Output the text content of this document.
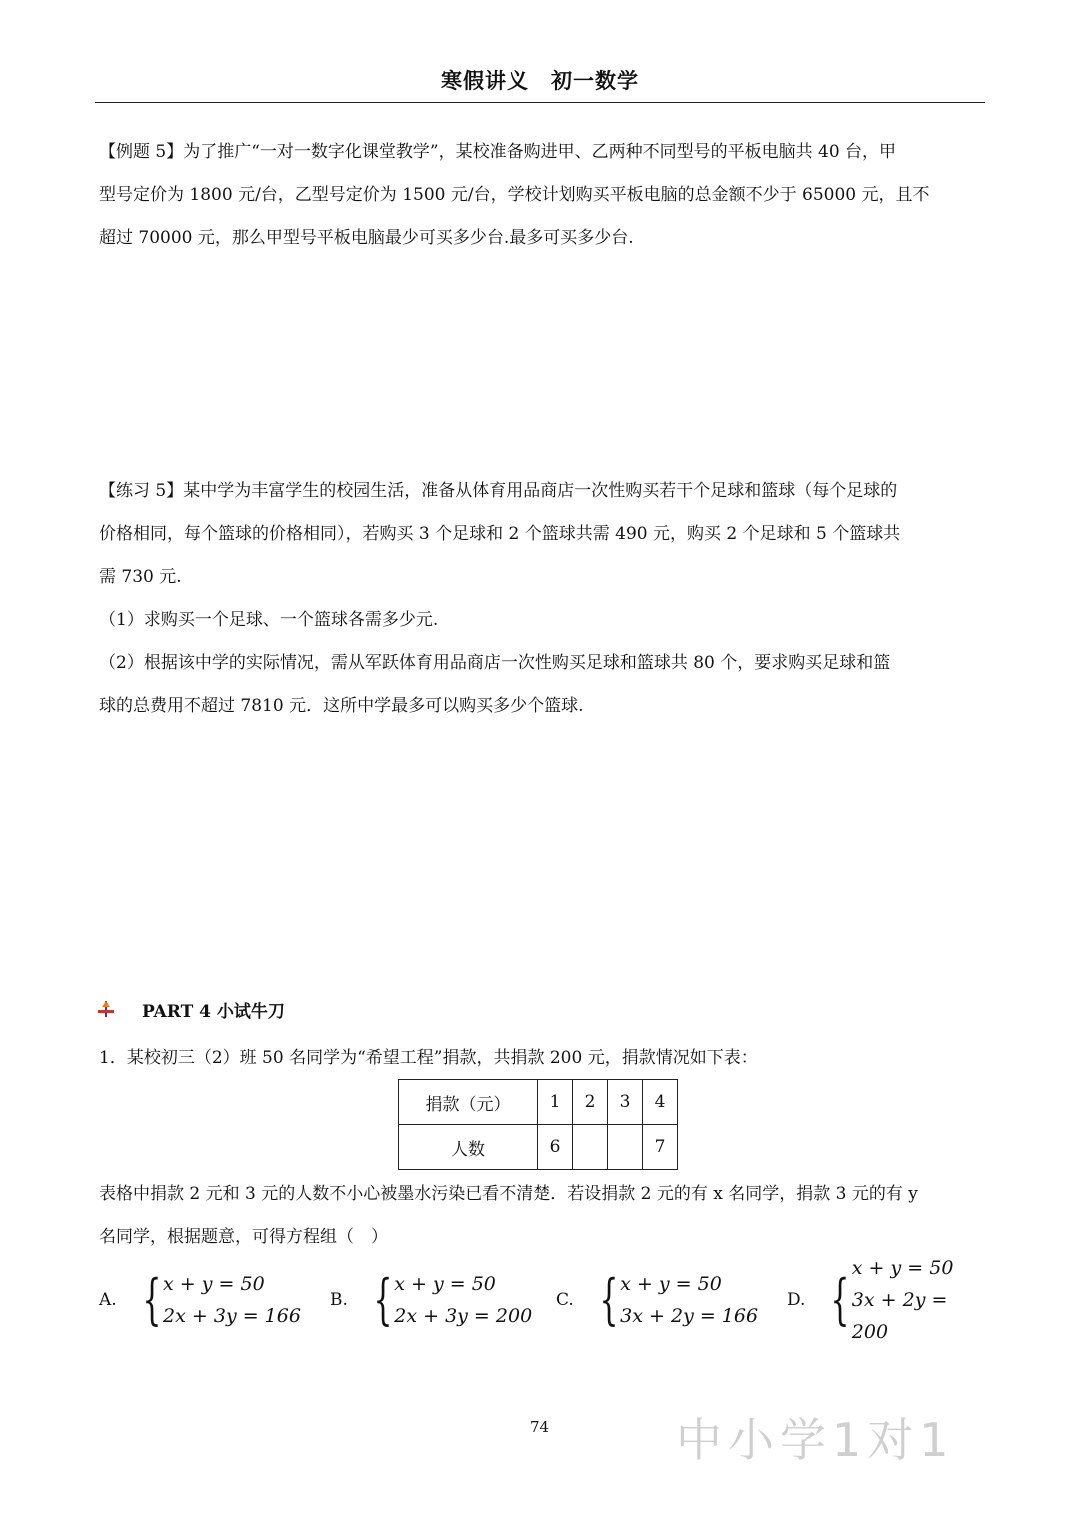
寒假讲义　初一数学
【例题 5】为了推广“一对一数字化课堂教学”，某校准备购进甲、乙两种不同型号的平板电脑共 40 台，甲
型号定价为 1800 元/台，乙型号定价为 1500 元/台，学校计划购买平板电脑的总金额不少于 65000 元，且不
超过 70000 元，那么甲型号平板电脑最少可买多少台.最多可买多少台.
【练习 5】某中学为丰富学生的校园生活，准备从体育用品商店一次性购买若干个足球和篮球（每个足球的
价格相同，每个篮球的价格相同），若购买 3 个足球和 2 个篮球共需 490 元，购买 2 个足球和 5 个篮球共
需 730 元.
（1）求购买一个足球、一个篮球各需多少元.
（2）根据该中学的实际情况，需从军跃体育用品商店一次性购买足球和篮球共 80 个，要求购买足球和篮
球的总费用不超过 7810 元．这所中学最多可以购买多少个篮球.
PART 4 小试牛刀
1．某校初三（2）班 50 名同学为“希望工程”捐款，共捐款 200 元，捐款情况如下表：
捐款（元）	1	2	3	4
人数	6			7
表格中捐款 2 元和 3 元的人数不小心被墨水污染已看不清楚．若设捐款 2 元的有 x 名同学，捐款 3 元的有 y
名同学，根据题意，可得方程组（　）
A. { x + y = 50
2x + 3y = 166
B. { x + y = 50
2x + 3y = 200
C. { x + y = 50
3x + 2y = 166
D. { x + y = 50
3x + 2y = 200
74	中小学1对1
